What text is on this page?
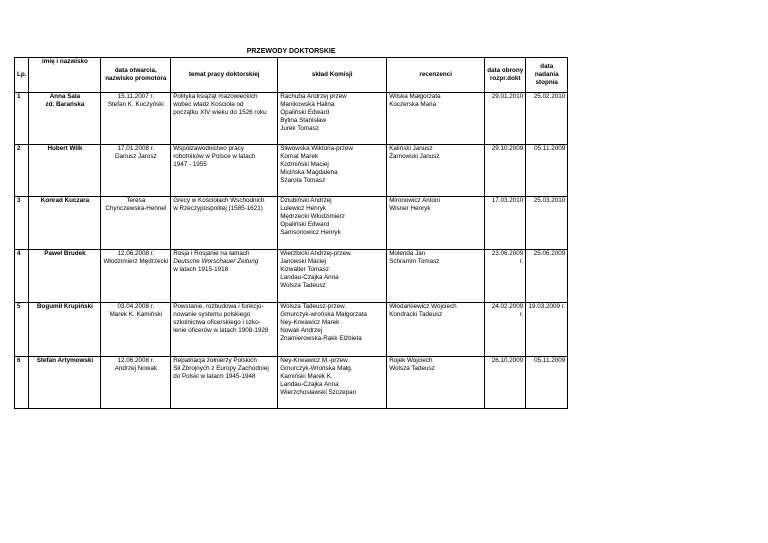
PRZEWODY DOKTORSKIE							
Lp.	imię i nazwisko	data otwarcia,
nazwisko promotora	temat pracy doktorskiej	skład Komisji	recenzenci	data obrony
rozpr.dokt	data
nadania
stopnia

1	Anna Sala
zd. Barańska	15.11.2007 r.
Stefan K. Kuczyński	Polityka książąt mazowieckich
wobec władz Kościoła od
początku XIV wieku do 1526 roku	Rachuba Andrzej przew
Manikowska Halina
Opaliński Edward
Bylina Stanisław
Jurek Tomasz	Wilska Małgorzata
Koczerska Maria	29.01.2010	25.02.2010
2	Hubert Wilk	17.01.2008 r.
Dariusz Jarosz	Współzawodnictwo pracy
robotników w Polsce w latach
1947 - 1955	Śliwowska Wiktoria-przew
Kornat Marek
Koźmiński Maciej
Micińska Magdalena
Szarota Tomasz	Kaliński Janusz
Żarnowski Janusz	29.10.2009	05.11.2009
3	Konrad Kuczara	Teresa
Chynczewska-Hennel	Grecy w Kościołach Wschodnich
w Rzeczypospolitej (1585-1621)	Dziubiński Andrzej
Lulewicz Henryk
Mędrzecki Włodzimierz
Opaliński Edward
Samsonowicz Henryk	Mironowicz Antoni
Wisner Henryk	17.03.2010	25.03.2010
4	Paweł Brudek	12.06.2008 r.
Włodzimierz Mędrzecki	Rosja i Rosjanie na łamach
Deutsche Worschauer Zeitung
w latach 1915-1918	Wierzbicki Andrzej-przew.
Janowski Maciej
Kizwalter Tomasz
Landau-Czajka Anna
Wolsza Tadeusz	Molenda Jan
Schramm Tomasz	23.06.2009 r.	25.06.2009
5	Bogumił Krupiński	03.04.2008 r.
Marek K. Kamiński	Powstanie, rozbudowa i funkcjo-
nowanie systemu polskiego
szkolnictwa oficerskiego i szko-
lenie oficerów w latach 1908-1928	Wolsza Tadeusz-przew.
Gmurczyk-wrońska Małgorzata
Ney-Krwawicz Marek
Nowak Andrzej
Znamierowska-Rakk Elżbieta	Włodarkiewicz Wojciech
Kondracki Tadeusz	24.02.2009 r.	19.03.2009 r.
6	Stefan Artymowski	12.06.2008 r.
Andrzej Nowak	Repatriacja żołnierzy Polskich
Sił Zbrojnych z Europy Zachodniej
do Polski w latach 1945-1948	Ney-Krwawicz M.-przew.
Gmurczyk-Wrońska Małg.
Kamiński Marek K.
Landau-Czajka Anna
Wierzchosławski Szczepan	Rojek Wojciech
Wolsza Tadeusz	26.10.2009	05.11.2009
